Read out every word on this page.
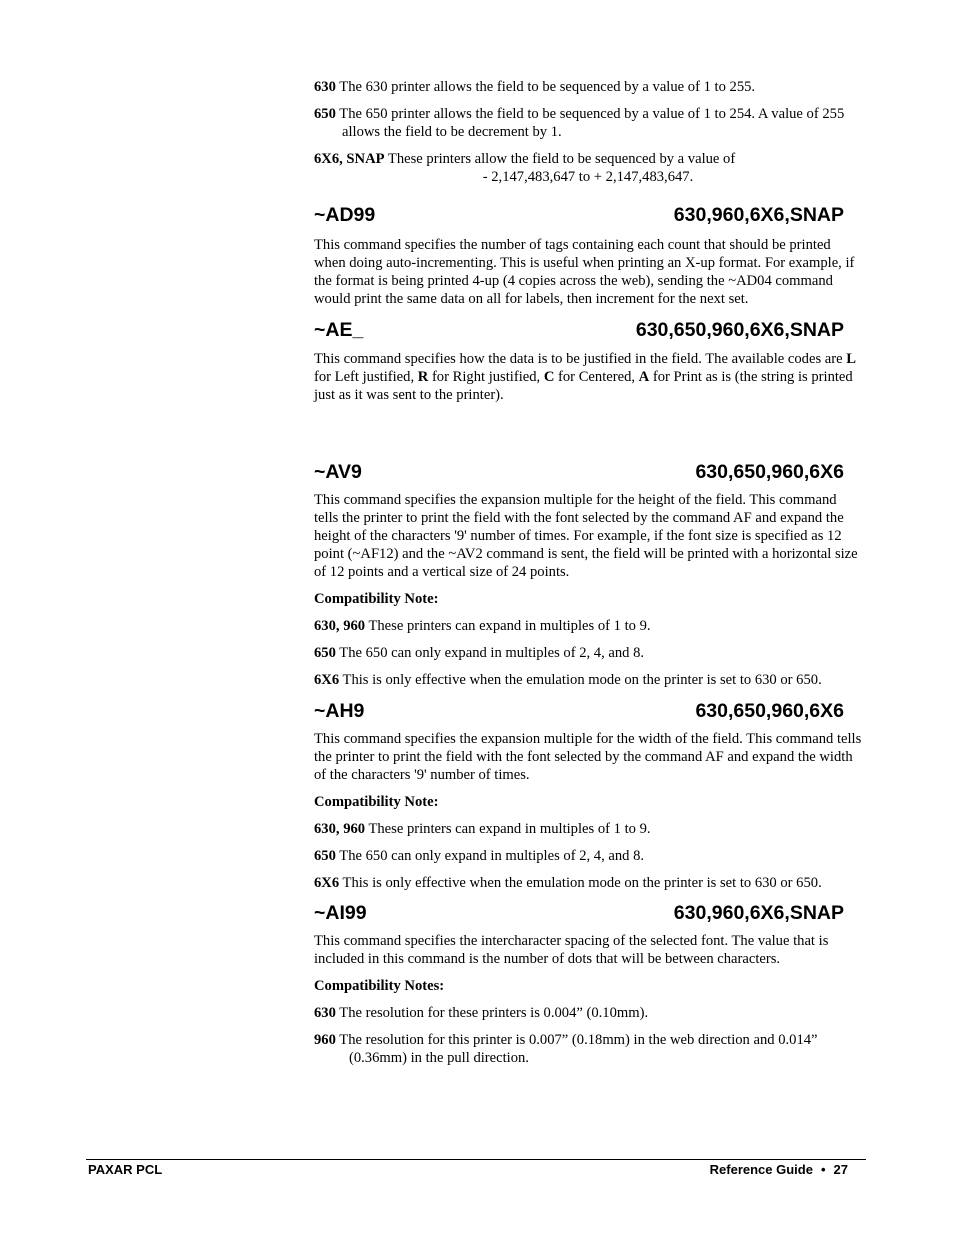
630 The 630 printer allows the field to be sequenced by a value of 1 to 255.

650 The 650 printer allows the field to be sequenced by a value of 1 to 254. A value of 255 allows the field to be decrement by 1.

6X6, SNAP These printers allow the field to be sequenced by a value of

- 2,147,483,647 to + 2,147,483,647.

~AD99	630,960,6X6,SNAP

This command specifies the number of tags containing each count that should be printed when doing auto-incrementing. This is useful when printing an X-up format. For example, if the format is being printed 4-up (4 copies across the web), sending the ~AD04 command would print the same data on all for labels, then increment for the next set.

~AE_	630,650,960,6X6,SNAP

This command specifies how the data is to be justified in the field. The available codes are L for Left justified, R for Right justified, C for Centered, A for Print as is (the string is printed just as it was sent to the printer).

~AV9	630,650,960,6X6

This command specifies the expansion multiple for the height of the field. This command tells the printer to print the field with the font selected by the command AF and expand the height of the characters '9' number of times. For example, if the font size is specified as 12 point (~AF12) and the ~AV2 command is sent, the field will be printed with a horizontal size of 12 points and a vertical size of 24 points.

Compatibility Note:

630, 960 These printers can expand in multiples of 1 to 9.

650 The 650 can only expand in multiples of 2, 4, and 8.

6X6 This is only effective when the emulation mode on the printer is set to 630 or 650.

~AH9	630,650,960,6X6

This command specifies the expansion multiple for the width of the field. This command tells the printer to print the field with the font selected by the command AF and expand the width of the characters '9' number of times.

Compatibility Note:

630, 960 These printers can expand in multiples of 1 to 9.

650 The 650 can only expand in multiples of 2, 4, and 8.

6X6 This is only effective when the emulation mode on the printer is set to 630 or 650.

~AI99	630,960,6X6,SNAP

This command specifies the intercharacter spacing of the selected font. The value that is included in this command is the number of dots that will be between characters.

Compatibility Notes:

630 The resolution for these printers is 0.004” (0.10mm).

960 The resolution for this printer is 0.007” (0.18mm) in the web direction and 0.014” (0.36mm) in the pull direction.

PAXAR PCL	Reference Guide • 27
